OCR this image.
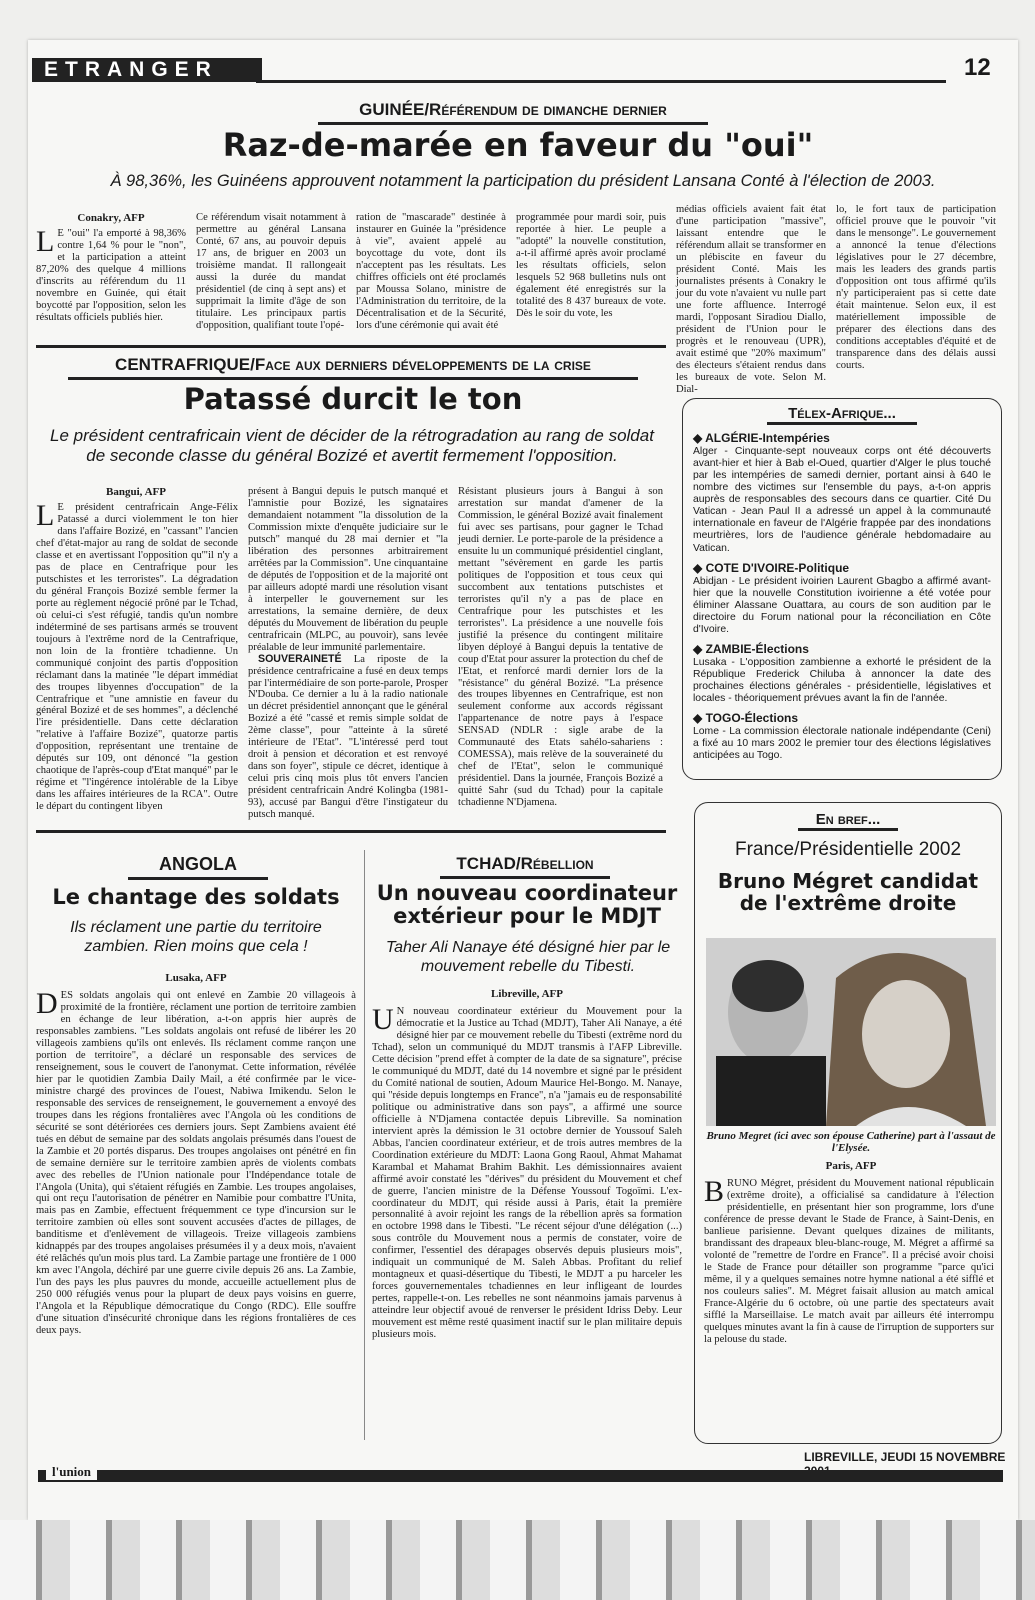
ETRANGER	12
GUINÉE/Référendum de dimanche dernier
Raz-de-marée en faveur du "oui"
À 98,36%, les Guinéens approuvent notamment la participation du président Lansana Conté à l'élection de 2003.
Conakry, AFP

L E "oui" l'a emporté à 98,36% contre 1,64 % pour le "non", et la participation a atteint 87,20% des quelque 4 millions d'inscrits au référendum du 11 novembre en Guinée, qui était boycotté par l'opposition, selon les résultats officiels publiés hier.

Ce référendum visait notamment à permettre au général Lansana Conté, 67 ans, au pouvoir depuis 17 ans, de briguer en 2003 un troisième mandat. Il rallongeait aussi la durée du mandat présidentiel (de cinq à sept ans) et supprimait la limite d'âge de son titulaire. Les principaux partis d'opposition, qualifiant toute l'opé-

ration de "mascarade" destinée à instaurer en Guinée la "présidence à vie", avaient appelé au boycottage du vote, dont ils n'acceptent pas les résultats. Les chiffres officiels ont été proclamés par Moussa Solano, ministre de l'Administration du territoire, de la Décentralisation et de la Sécurité, lors d'une cérémonie qui avait été

programmée pour mardi soir, puis reportée à hier. Le peuple a "adopté" la nouvelle constitution, a-t-il affirmé après avoir proclamé les résultats officiels, selon lesquels 52 968 bulletins nuls ont également été enregistrés sur la totalité des 8 437 bureaux de vote. Dès le soir du vote, les

médias officiels avaient fait état d'une participation "massive", laissant entendre que le référendum allait se transformer en un plébiscite en faveur du président Conté. Mais les journalistes présents à Conakry le jour du vote n'avaient vu nulle part une forte affluence. Interrogé mardi, l'opposant Siradiou Diallo, président de l'Union pour le progrès et le renouveau (UPR), avait estimé que "20% maximum" des électeurs s'étaient rendus dans les bureaux de vote. Selon M. Dial-

lo, le fort taux de participation officiel prouve que le pouvoir "vit dans le mensonge". Le gouvernement a annoncé la tenue d'élections législatives pour le 27 décembre, mais les leaders des grands partis d'opposition ont tous affirmé qu'ils n'y participeraient pas si cette date était maintenue. Selon eux, il est matériellement impossible de préparer des élections dans des conditions acceptables d'équité et de transparence dans des délais aussi courts.

CENTRAFRIQUE/Face aux derniers développements de la crise
Patassé durcit le ton
Le président centrafricain vient de décider de la rétrogradation au rang de soldat de seconde classe du général Bozizé et avertit fermement l'opposition.
Bangui, AFP

L E président centrafricain Ange-Félix Patassé a durci violemment le ton hier dans l'affaire Bozizé, en "cassant" l'ancien chef d'état-major au rang de soldat de seconde classe et en avertissant l'opposition qu'"il n'y a pas de place en Centrafrique pour les putschistes et les terroristes". La dégradation du général François Bozizé semble fermer la porte au règlement négocié prôné par le Tchad, où celui-ci s'est réfugié, tandis qu'un nombre indéterminé de ses partisans armés se trouvent toujours à l'extrême nord de la Centrafrique, non loin de la frontière tchadienne. Un communiqué conjoint des partis d'opposition réclamant dans la matinée "le départ immédiat des troupes libyennes d'occupation" de la Centrafrique et "une amnistie en faveur du général Bozizé et de ses hommes", a déclenché l'ire présidentielle. Dans cette déclaration "relative à l'affaire Bozizé", quatorze partis d'opposition, représentant une trentaine de députés sur 109, ont dénoncé "la gestion chaotique de l'après-coup d'Etat manqué" par le régime et "l'ingérence intolérable de la Libye dans les affaires intérieures de la RCA". Outre le départ du contingent libyen

présent à Bangui depuis le putsch manqué et l'amnistie pour Bozizé, les signataires demandaient notamment "la dissolution de la Commission mixte d'enquête judiciaire sur le putsch" manqué du 28 mai dernier et "la libération des personnes arbitrairement arrêtées par la Commission". Une cinquantaine de députés de l'opposition et de la majorité ont par ailleurs adopté mardi une résolution visant à interpeller le gouvernement sur les arrestations, la semaine dernière, de deux députés du Mouvement de libération du peuple centrafricain (MLPC, au pouvoir), sans levée préalable de leur immunité parlementaire.

SOUVERAINETÉ La riposte de la présidence centrafricaine a fusé en deux temps par l'intermédiaire de son porte-parole, Prosper N'Douba. Ce dernier a lu à la radio nationale un décret présidentiel annonçant que le général Bozizé a été "cassé et remis simple soldat de 2ème classe", pour "atteinte à la sûreté intérieure de l'Etat". "L'intéressé perd tout droit à pension et décoration et est renvoyé dans son foyer", stipule ce décret, identique à celui pris cinq mois plus tôt envers l'ancien président centrafricain André Kolingba (1981-93), accusé par Bangui d'être l'instigateur du putsch manqué.

Résistant plusieurs jours à Bangui à son arrestation sur mandat d'amener de la Commission, le général Bozizé avait finalement fui avec ses partisans, pour gagner le Tchad jeudi dernier. Le porte-parole de la présidence a ensuite lu un communiqué présidentiel cinglant, mettant "sévèrement en garde les partis politiques de l'opposition et tous ceux qui succombent aux tentations putschistes et terroristes qu'il n'y a pas de place en Centrafrique pour les putschistes et les terroristes". La présidence a une nouvelle fois justifié la présence du contingent militaire libyen déployé à Bangui depuis la tentative de coup d'Etat pour assurer la protection du chef de l'Etat, et renforcé mardi dernier lors de la "résistance" du général Bozizé. "La présence des troupes libyennes en Centrafrique, est non seulement conforme aux accords régissant l'appartenance de notre pays à l'espace SENSAD (NDLR : sigle arabe de la Communauté des Etats sahélo-sahariens : COMESSA), mais relève de la souveraineté du chef de l'Etat", selon le communiqué présidentiel. Dans la journée, François Bozizé a quitté Sahr (sud du Tchad) pour la capitale tchadienne N'Djamena.

Télex-Afrique...
◆ ALGÉRIE-Intempéries

Alger - Cinquante-sept nouveaux corps ont été découverts avant-hier et hier à Bab el-Oued, quartier d'Alger le plus touché par les intempéries de samedi dernier, portant ainsi à 640 le nombre des victimes sur l'ensemble du pays, a-t-on appris auprès de responsables des secours dans ce quartier. Cité Du Vatican - Jean Paul II a adressé un appel à la communauté internationale en faveur de l'Algérie frappée par des inondations meurtrières, lors de l'audience générale hebdomadaire au Vatican.

◆ COTE D'IVOIRE-Politique

Abidjan - Le président ivoirien Laurent Gbagbo a affirmé avant-hier que la nouvelle Constitution ivoirienne a été votée pour éliminer Alassane Ouattara, au cours de son audition par le directoire du Forum national pour la réconciliation en Côte d'Ivoire.

◆ ZAMBIE-Élections

Lusaka - L'opposition zambienne a exhorté le président de la République Frederick Chiluba à annoncer la date des prochaines élections générales - présidentielle, législatives et locales - théoriquement prévues avant la fin de l'année.

◆ TOGO-Élections

Lome - La commission électorale nationale indépendante (Ceni) a fixé au 10 mars 2002 le premier tour des élections législatives anticipées au Togo.

ANGOLA
Le chantage des soldats
Ils réclament une partie du territoire zambien. Rien moins que cela !
Lusaka, AFP

DES soldats angolais qui ont enlevé en Zambie 20 villageois à proximité de la frontière, réclament une portion de territoire zambien en échange de leur libération, a-t-on appris hier auprès de responsables zambiens. "Les soldats angolais ont refusé de libérer les 20 villageois zambiens qu'ils ont enlevés. Ils réclament comme rançon une portion de territoire", a déclaré un responsable des services de renseignement, sous le couvert de l'anonymat. Cette information, révélée hier par le quotidien Zambia Daily Mail, a été confirmée par le vice-ministre chargé des provinces de l'ouest, Nabiwa Imikendu. Selon le responsable des services de renseignement, le gouvernement a envoyé des troupes dans les régions frontalières avec l'Angola où les conditions de sécurité se sont détériorées ces derniers jours. Sept Zambiens avaient été tués en début de semaine par des soldats angolais présumés dans l'ouest de la Zambie et 20 portés disparus. Des troupes angolaises ont pénétré en fin de semaine dernière sur le territoire zambien après de violents combats avec des rebelles de l'Union nationale pour l'Indépendance totale de l'Angola (Unita), qui s'étaient réfugiés en Zambie. Les troupes angolaises, qui ont reçu l'autorisation de pénétrer en Namibie pour combattre l'Unita, mais pas en Zambie, effectuent fréquemment ce type d'incursion sur le territoire zambien où elles sont souvent accusées d'actes de pillages, de banditisme et d'enlèvement de villageois. Treize villageois zambiens kidnappés par des troupes angolaises présumées il y a deux mois, n'avaient été relâchés qu'un mois plus tard. La Zambie partage une frontière de 1 000 km avec l'Angola, déchiré par une guerre civile depuis 26 ans. La Zambie, l'un des pays les plus pauvres du monde, accueille actuellement plus de 250 000 réfugiés venus pour la plupart de deux pays voisins en guerre, l'Angola et la République démocratique du Congo (RDC). Elle souffre d'une situation d'insécurité chronique dans les régions frontalières de ces deux pays.

TCHAD/Rébellion
Un nouveau coordinateur extérieur pour le MDJT
Taher Ali Nanaye été désigné hier par le mouvement rebelle du Tibesti.
Libreville, AFP

U N nouveau coordinateur extérieur du Mouvement pour la démocratie et la Justice au Tchad (MDJT), Taher Ali Nanaye, a été désigné hier par ce mouvement rebelle du Tibesti (extrême nord du Tchad), selon un communiqué du MDJT transmis à l'AFP Libreville. Cette décision "prend effet à compter de la date de sa signature", précise le communiqué du MDJT, daté du 14 novembre et signé par le président du Comité national de soutien, Adoum Maurice Hel-Bongo. M. Nanaye, qui "réside depuis longtemps en France", n'a "jamais eu de responsabilité politique ou administrative dans son pays", a affirmé une source officielle à N'Djamena contactée depuis Libreville. Sa nomination intervient après la démission le 31 octobre dernier de Youssouf Saleh Abbas, l'ancien coordinateur extérieur, et de trois autres membres de la Coordination extérieure du MDJT: Laona Gong Raoul, Ahmat Mahamat Karambal et Mahamat Brahim Bakhit. Les démissionnaires avaient affirmé avoir constaté les "dérives" du président du Mouvement et chef de guerre, l'ancien ministre de la Défense Youssouf Togoïmi. L'ex-coordinateur du MDJT, qui réside aussi à Paris, était la première personnalité à avoir rejoint les rangs de la rébellion après sa formation en octobre 1998 dans le Tibesti. "Le récent séjour d'une délégation (...) sous contrôle du Mouvement nous a permis de constater, voire de confirmer, l'essentiel des dérapages observés depuis plusieurs mois", indiquait un communiqué de M. Saleh Abbas. Profitant du relief montagneux et quasi-désertique du Tibesti, le MDJT a pu harceler les forces gouvernementales tchadiennes en leur infligeant de lourdes pertes, rappelle-t-on. Les rebelles ne sont néanmoins jamais parvenus à atteindre leur objectif avoué de renverser le président Idriss Deby. Leur mouvement est même resté quasiment inactif sur le plan militaire depuis plusieurs mois.

En bref...
France/Présidentielle 2002
Bruno Mégret candidat de l'extrême droite
Bruno Megret (ici avec son épouse Catherine) part à l'assaut de l'Elysée.
Paris, AFP

BRUNO Mégret, président du Mouvement national républicain (extrême droite), a officialisé sa candidature à l'élection présidentielle, en présentant hier son programme, lors d'une conférence de presse devant le Stade de France, à Saint-Denis, en banlieue parisienne. Devant quelques dizaines de militants, brandissant des drapeaux bleu-blanc-rouge, M. Mégret a affirmé sa volonté de "remettre de l'ordre en France". Il a précisé avoir choisi le Stade de France pour détailler son programme "parce qu'ici même, il y a quelques semaines notre hymne national a été sifflé et nos couleurs salies". M. Mégret faisait allusion au match amical France-Algérie du 6 octobre, où une partie des spectateurs avait sifflé la Marseillaise. Le match avait par ailleurs été interrompu quelques minutes avant la fin à cause de l'irruption de supporters sur la pelouse du stade.

LIBREVILLE, JEUDI 15 NOVEMBRE
l'union
